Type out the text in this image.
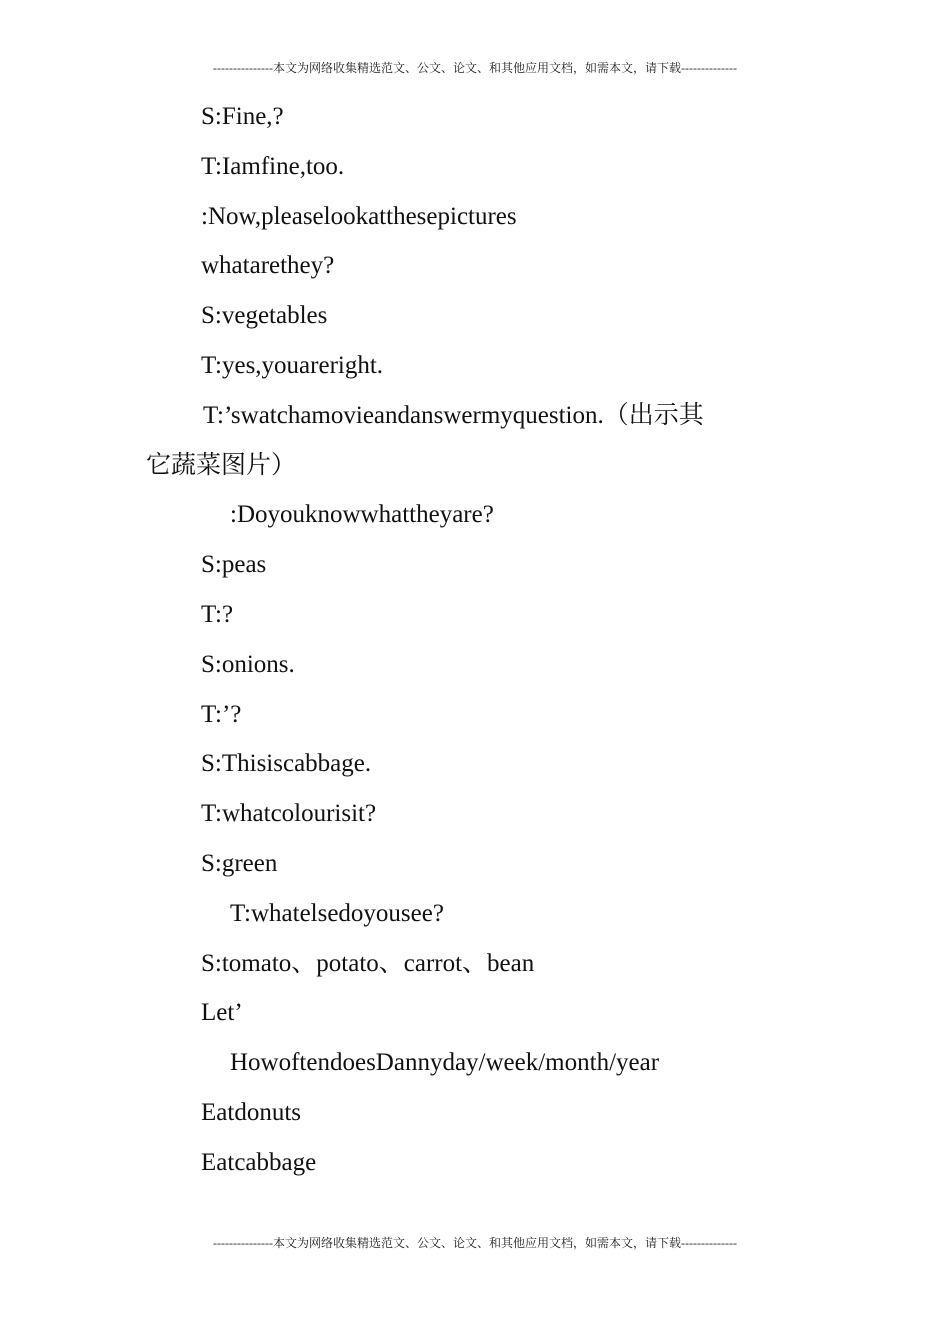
---------------本文为网络收集精选范文、公文、论文、和其他应用文档，如需本文，请下载--------------
S:Fine,?
T:Iamfine,too.
:Now,pleaselookatthesepictures
whatarethey?
S:vegetables
T:yes,youareright.
T:’swatchamovieandanswermyquestion.（出示其
它蔬菜图片）
:Doyouknowwhattheyare?
S:peas
T:?
S:onions.
T:’?
S:Thisiscabbage.
T:whatcolourisit?
S:green
T:whatelsedoyousee?
S:tomato、potato、carrot、bean
Let’
HowoftendoesDannyday/week/month/year
Eatdonuts
Eatcabbage
---------------本文为网络收集精选范文、公文、论文、和其他应用文档，如需本文，请下载--------------
